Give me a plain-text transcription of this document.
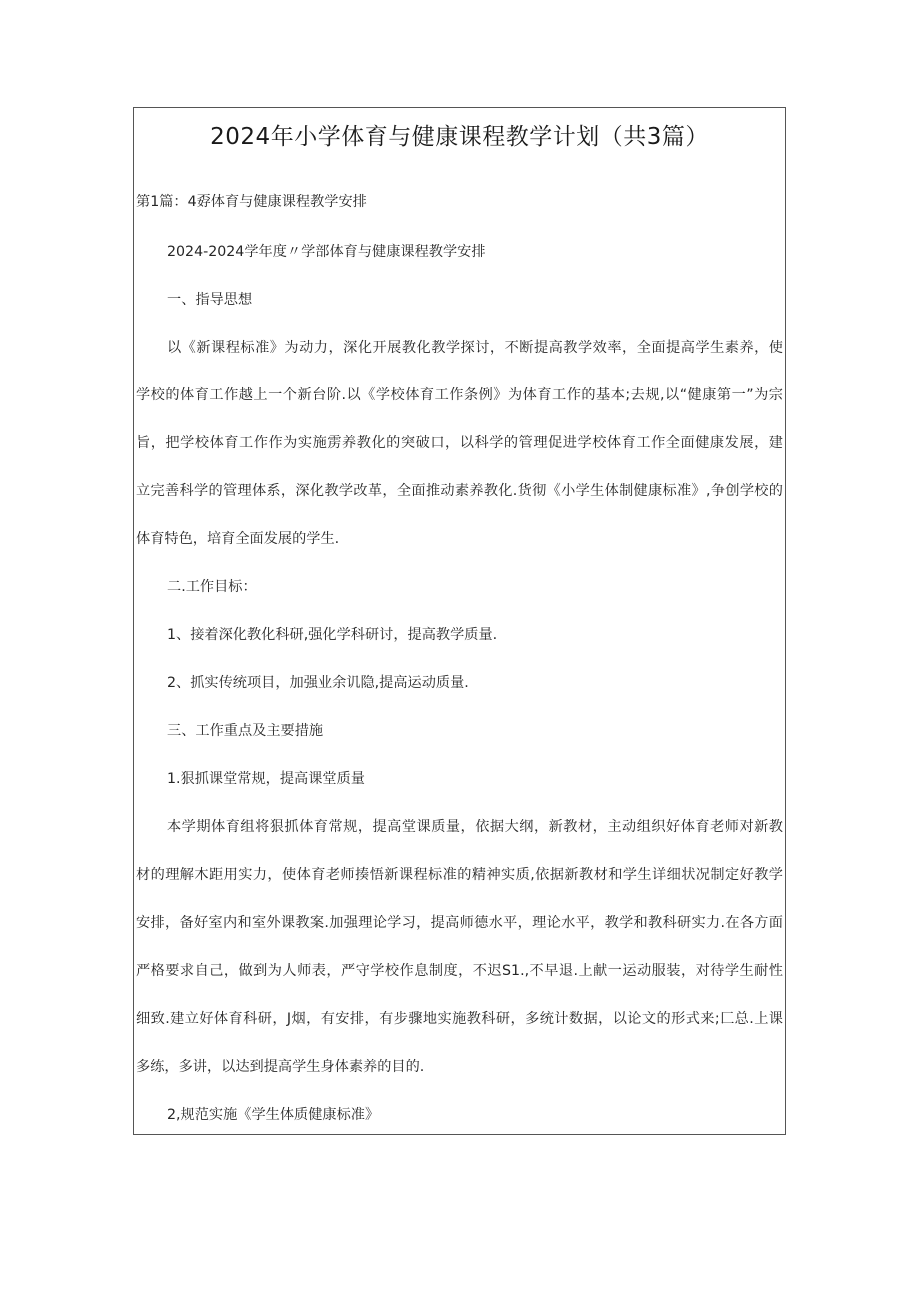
2024年小学体育与健康课程教学计划（共3篇）
第1篇：4孬体育与健康课程教学安排
2024-2024学年度〃学部体育与健康课程教学安排
一、指导思想
以《新课程标准》为动力，深化开展教化教学探讨，不断提高教学效率，全面提高学生素养，使
学校的体育工作越上一个新台阶.以《学校体育工作条例》为体育工作的基本;去规,以“健康第一”为宗
旨，把学校体育工作作为实施雳养教化的突破口，以科学的管理促进学校体育工作全面健康发展，建
立完善科学的管理体系，深化教学改革，全面推动素养教化.货彻《小学生体制健康标准》,争创学校的
体育特色，培育全面发展的学生.
二.工作目标：
1、接着深化教化科研,强化学科研讨，提高教学质量.
2、抓实传统项目，加强业余讥隐,提高运动质量.
三、工作重点及主要措施
1.狠抓课堂常规，提高课堂质量
本学期体育组将狠抓体育常规，提高堂课质量，依据大纲，新教材，主动组织好体育老师对新教
材的理解木距用实力，使体育老师揍悟新课程标准的精神实质,依据新教材和学生详细状况制定好教学
安排，备好室内和室外课教案.加强理论学习，提高师德水平，理论水平，教学和教科研实力.在各方面
严格要求自己，做到为人师表，严守学校作息制度，不迟S1.,不早退.上献一运动服装，对待学生耐性
细致.建立好体育科研，J烟，有安排，有步骤地实施教科研，多统计数据，以论文的形式来;匚总.上课
多练，多讲，以达到提高学生身体素养的目的.
2,规范实施《学生体质健康标准》
